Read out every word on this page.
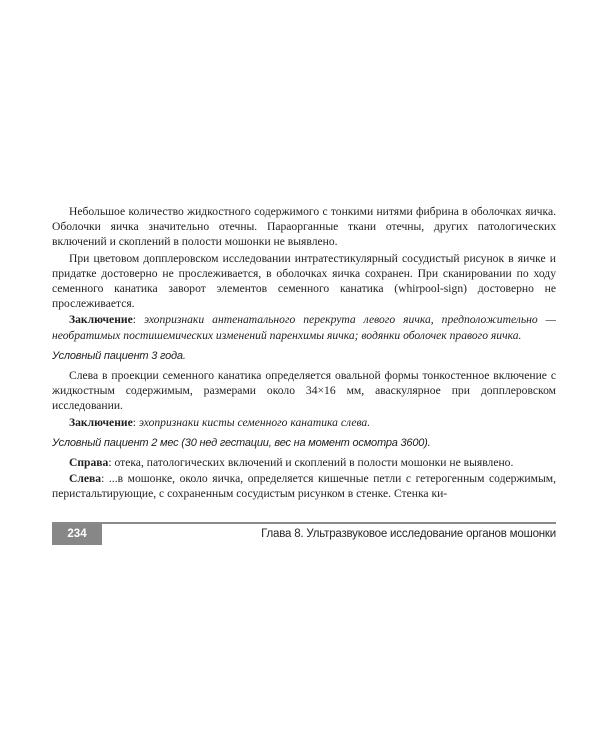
Небольшое количество жидкостного содержимого с тонкими нитями фибрина в оболочках яичка. Оболочки яичка значительно отечны. Параорганные ткани отечны, других патологических включений и скоплений в полости мошонки не выявлено.

При цветовом допплеровском исследовании интратестикулярный сосудистый рисунок в яичке и придатке достоверно не прослеживается, в оболочках яичка сохранен. При сканировании по ходу семенного канатика заворот элементов семенного канатика (whirpool-sign) достоверно не прослеживается.

Заключение: эхопризнаки антенатального перекрута левого яичка, предположительно — необратимых постишемических изменений паренхимы яичка; водянки оболочек правого яичка.

Условный пациент 3 года.

Слева в проекции семенного канатика определяется овальной формы тонкостенное включение с жидкостным содержимым, размерами около 34×16 мм, аваскулярное при допплеровском исследовании.

Заключение: эхопризнаки кисты семенного канатика слева.

Условный пациент 2 мес (30 нед гестации, вес на момент осмотра 3600).

Справа: отека, патологических включений и скоплений в полости мошонки не выявлено.

Слева: ...в мошонке, около яичка, определяется кишечные петли с гетерогенным содержимым, перистальтирующие, с сохраненным сосудистым рисунком в стенке. Стенка ки-

234	Глава 8. Ультразвуковое исследование органов мошонки
